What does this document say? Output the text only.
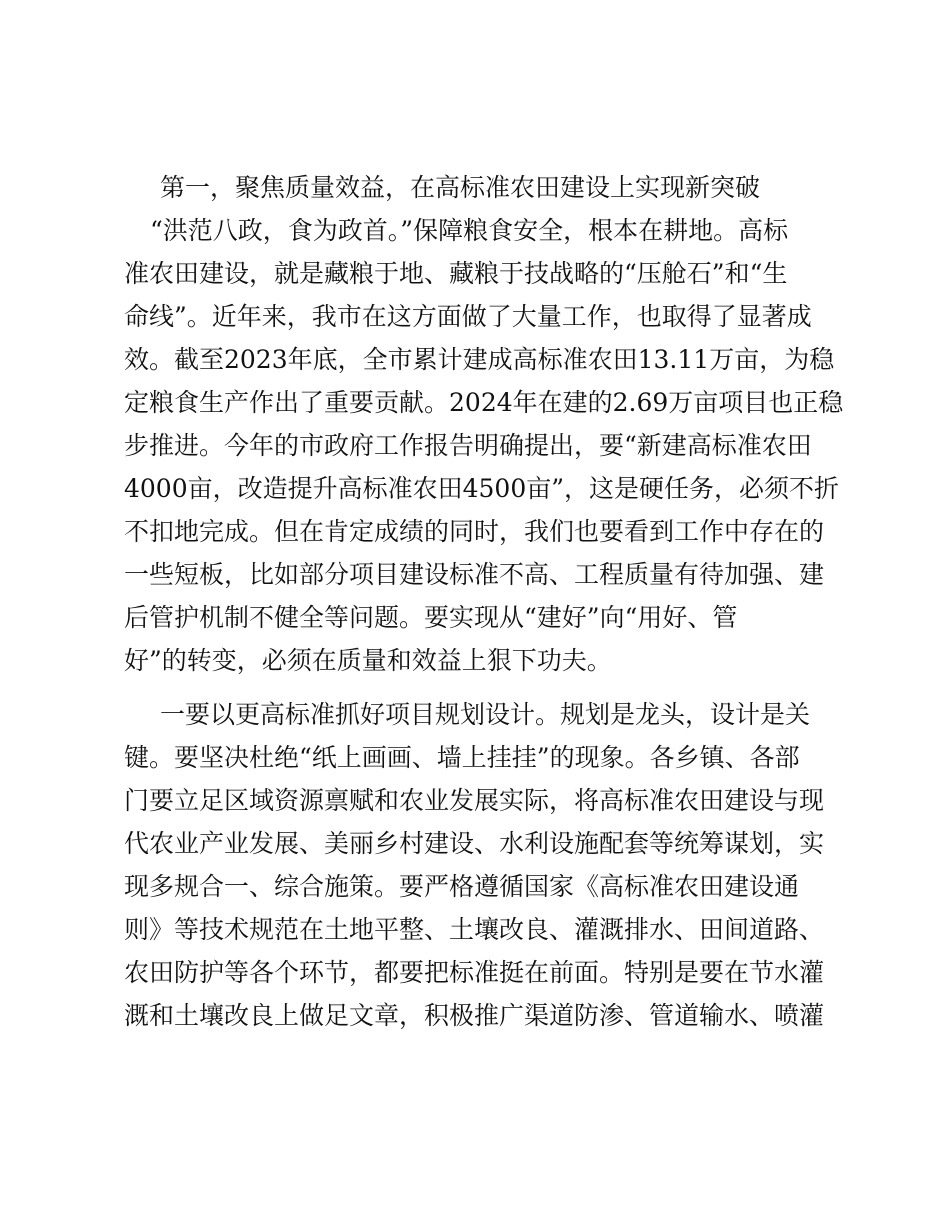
第一，聚焦质量效益，在高标准农田建设上实现新突破
“洪范八政，食为政首。”保障粮食安全，根本在耕地。高标
准农田建设，就是藏粮于地、藏粮于技战略的“压舱石”和“生
命线”。近年来，我市在这方面做了大量工作，也取得了显著成
效。截至2023年底，全市累计建成高标准农田13.11万亩，为稳
定粮食生产作出了重要贡献。2024年在建的2.69万亩项目也正稳
步推进。今年的市政府工作报告明确提出，要“新建高标准农田
4000亩，改造提升高标准农田4500亩”，这是硬任务，必须不折
不扣地完成。但在肯定成绩的同时，我们也要看到工作中存在的
一些短板，比如部分项目建设标准不高、工程质量有待加强、建
后管护机制不健全等问题。要实现从“建好”向“用好、管
好”的转变，必须在质量和效益上狠下功夫。
一要以更高标准抓好项目规划设计。规划是龙头，设计是关
键。要坚决杜绝“纸上画画、墙上挂挂”的现象。各乡镇、各部
门要立足区域资源禀赋和农业发展实际，将高标准农田建设与现
代农业产业发展、美丽乡村建设、水利设施配套等统筹谋划，实
现多规合一、综合施策。要严格遵循国家《高标准农田建设通
则》等技术规范在土地平整、土壤改良、灌溉排水、田间道路、
农田防护等各个环节，都要把标准挺在前面。特别是要在节水灌
溉和土壤改良上做足文章，积极推广渠道防渗、管道输水、喷灌
